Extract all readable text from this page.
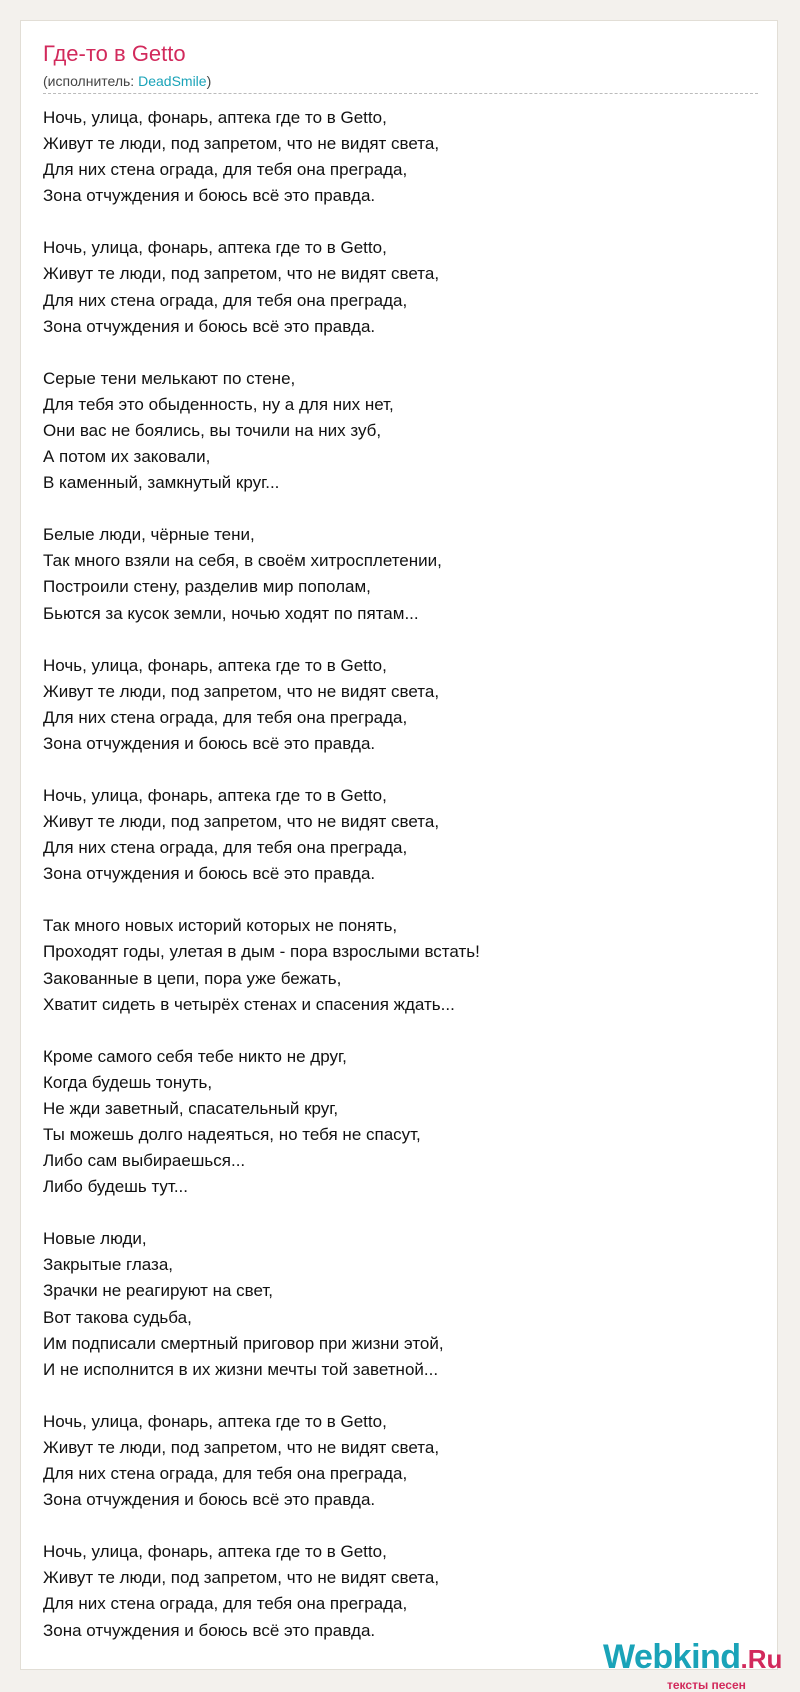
Где-то в Getto
(исполнитель: DeadSmile)
Ночь, улица, фонарь, аптека где то в Getto,
Живут те люди, под запретом, что не видят света,
Для них стена ограда, для тебя она преграда,
Зона отчуждения и боюсь всё это правда.
Ночь, улица, фонарь, аптека где то в Getto,
Живут те люди, под запретом, что не видят света,
Для них стена ограда, для тебя она преграда,
Зона отчуждения и боюсь всё это правда.
Серые тени мелькают по стене,
Для тебя это обыденность, ну а для них нет,
Они вас не боялись, вы точили на них зуб,
А потом их заковали,
В каменный, замкнутый круг...
Белые люди, чёрные тени,
Так много взяли на себя, в своём хитросплетении,
Построили стену, разделив мир пополам,
Бьются за кусок земли, ночью ходят по пятам...
Ночь, улица, фонарь, аптека где то в Getto,
Живут те люди, под запретом, что не видят света,
Для них стена ограда, для тебя она преграда,
Зона отчуждения и боюсь всё это правда.
Ночь, улица, фонарь, аптека где то в Getto,
Живут те люди, под запретом, что не видят света,
Для них стена ограда, для тебя она преграда,
Зона отчуждения и боюсь всё это правда.
Так много новых историй которых не понять,
Проходят годы, улетая в дым - пора взрослыми встать!
Закованные в цепи, пора уже бежать,
Хватит сидеть в четырёх стенах и спасения ждать...
Кроме самого себя тебе никто не друг,
Когда будешь тонуть,
Не жди заветный, спасательный круг,
Ты можешь долго надеяться, но тебя не спасут,
Либо сам выбираешься...
Либо будешь тут...
Новые люди,
Закрытые глаза,
Зрачки не реагируют на свет,
Вот такова судьба,
Им подписали смертный приговор при жизни этой,
И не исполнится в их жизни мечты той заветной...
Ночь, улица, фонарь, аптека где то в Getto,
Живут те люди, под запретом, что не видят света,
Для них стена ограда, для тебя она преграда,
Зона отчуждения и боюсь всё это правда.
Ночь, улица, фонарь, аптека где то в Getto,
Живут те люди, под запретом, что не видят света,
Для них стена ограда, для тебя она преграда,
Зона отчуждения и боюсь всё это правда.
Webkind.Ru
тексты песен
